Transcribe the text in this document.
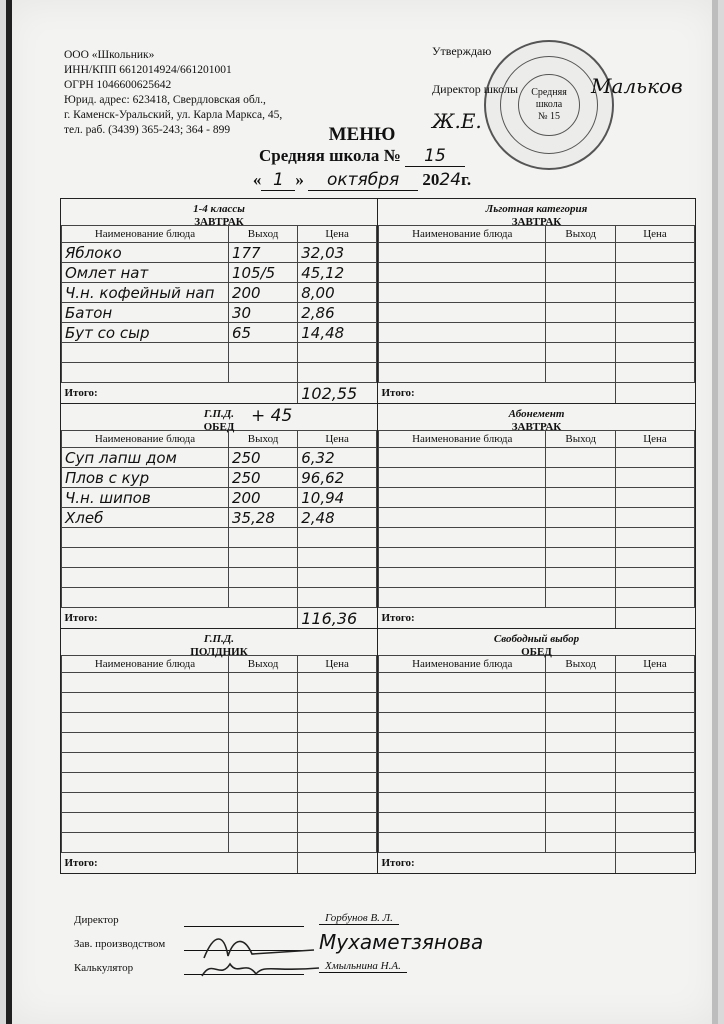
ООО «Школьник»
ИНН/КПП 6612014924/661201001
ОГРН 1046600625642
Юрид. адрес: 623418, Свердловская обл.,
г. Каменск-Уральский, ул. Карла Маркса, 45,
тел. раб. (3439) 365-243; 364 - 899
Средняя
школа
№ 15
Утверждаю
Директор школы	Мальков Ж.Е.
МЕНЮ
Средняя школа № 15
« 1 » октября 2024г.
1-4 классы
ЗАВТРАК
Наименование блюда	Выход	Цена
Яблоко	177	32,03
Омлет нат	105/5	45,12
Ч.н. кофейный нап	200	8,00
Батон	30	2,86
Бут со сыр	65	14,48

Итого:		102,55
Льготная категория
ЗАВТРАК
Наименование блюда	Выход	Цена

Итого:		
Г.П.Д.
ОБЕД
+ 45
Наименование блюда	Выход	Цена
Суп лапш дом	250	6,32
Плов с кур	250	96,62
Ч.н. шипов	200	10,94
Хлеб	35,28	2,48

Итого:		116,36
Абонемент
ЗАВТРАК
Наименование блюда	Выход	Цена

Итого:		
Г.П.Д.
ПОЛДНИК
Наименование блюда	Выход	Цена

Итого:		
Свободный выбор
ОБЕД
Наименование блюда	Выход	Цена

Итого:		
Директор	Горбунов В. Л.
Зав. производством	Мухаметзянова
Калькулятор	Хмыльнина Н.А.
